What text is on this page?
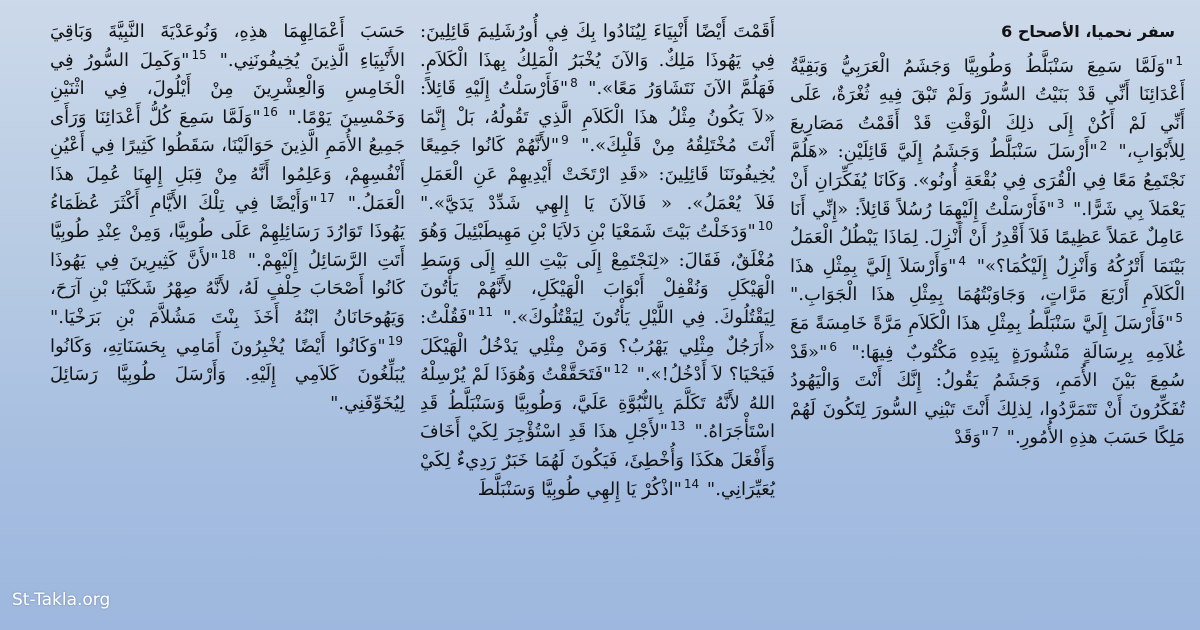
سفر نحميا، الأصحاح 6
$^1$"وَلَمَّا سَمِعَ سَنْبَلَّطُ وَطُوبِيَّا وَجَشَمُ الْعَرَبِيُّ وَبَقِيَّةُ أَعْدَائِنَا أَنِّي قَدْ بَنَيْتُ السُّورَ وَلَمْ تَبْقَ فِيهِ ثُغْرَةٌ، عَلَى أَنِّي لَمْ أَكُنْ إِلَى ذلِكَ الْوَقْتِ قَدْ أَقَمْتُ مَصَارِيعَ لِلأَبْوَابِ،" $^2$"أَرْسَلَ سَنْبَلَّطُ وَجَشَمُ إِلَيَّ قَائِلَيْنِ: «هَلُمَّ نَجْتَمِعُ مَعًا فِي الْقُرَى فِي بُقْعَةِ أُونُو». وَكَانَا يُفَكِّرَانِ أَنْ يَعْمَلاَ بِي شَرًّا." $^3$"فَأَرْسَلْتُ إِلَيْهِمَا رُسُلاً قَائِلاً: «إِنِّي أَنَا عَامِلٌ عَمَلاً عَظِيمًا فَلاَ أَقْدِرُ أَنْ أَنْزِلَ. لِمَاذَا يَبْطُلُ الْعَمَلُ بَيْنَمَا أَتْرُكُهُ وَأَنْزِلُ إِلَيْكُمَا؟»" $^4$"وَأَرْسَلاَ إِلَيَّ بِمِثْلِ هذَا الْكَلاَمِ أَرْبَعَ مَرَّاتٍ، وَجَاوَبْتُهُمَا بِمِثْلِ هذَا الْجَوَابِ." $^5$"فَأَرْسَلَ إِلَيَّ سَنْبَلَّطُ بِمِثْلِ هذَا الْكَلاَمِ مَرَّةً خَامِسَةً مَعَ غُلاَمِهِ بِرِسَالَةٍ مَنْشُورَةٍ بِيَدِهِ مَكْتُوبٌ فِيهَا:" $^6$"«قَدْ سُمِعَ بَيْنَ الأُمَمِ، وَجَشَمُ يَقُولُ: إِنَّكَ أَنْتَ وَالْيَهُودُ تُفَكِّرُونَ أَنْ تَتَمَرَّدُوا، لِذلِكَ أَنْتَ تَبْنِي السُّورَ لِتَكُونَ لَهُمْ مَلِكًا حَسَبَ هذِهِ الأُمُورِ." $^7$"وَقَدْ
أَقَمْتَ أَيْضًا أَنْبِيَاءَ لِيُنَادُوا بِكَ فِي أُورُشَلِيمَ قَائِلِينَ: فِي يَهُوذَا مَلِكٌ. وَالآنَ يُخْبَرُ الْمَلِكُ بِهذَا الْكَلاَمِ. فَهَلُمَّ الآنَ نَتَشَاوَرُ مَعًا»." $^8$"فَأَرْسَلْتُ إِلَيْهِ قَائِلاً: «لاَ يَكُونُ مِثْلُ هذَا الْكَلاَمِ الَّذِي تَقُولُهُ، بَلْ إِنَّمَا أَنْتَ مُخْتَلِقُهُ مِنْ قَلْبِكَ»." $^9$"لأَنَّهُمْ كَانُوا جَمِيعًا يُخِيفُونَنَا قَائِلِينَ: «قَدِ ارْتَخَتْ أَيْدِيهِمْ عَنِ الْعَمَلِ فَلاَ يُعْمَلُ». « فَالآنَ يَا إِلهِي شَدِّدْ يَدَيَّ»." $^{10}$"وَدَخَلْتُ بَيْتَ شَمَعْيَا بْنِ دَلاَيَا بْنِ مَهِيطَبْئِيلَ وَهُوَ مُغْلَقٌ، فَقَالَ: «لِنَجْتَمِعْ إِلَى بَيْتِ اللهِ إِلَى وَسَطِ الْهَيْكَلِ وَنُقْفِلْ أَبْوَابَ الْهَيْكَلِ، لأَنَّهُمْ يَأْتُونَ لِيَقْتُلُوكَ. فِي اللَّيْلِ يَأْتُونَ لِيَقْتُلُوكَ»." $^{11}$"فَقُلْتُ: «أَرَجُلٌ مِثْلِي يَهْرُبُ؟ وَمَنْ مِثْلِي يَدْخُلُ الْهَيْكَلَ فَيَحْيَا؟ لاَ أَدْخُلُ!»." $^{12}$"فَتَحَقَّقْتُ وَهُوَذَا لَمْ يُرْسِلْهُ اللهُ لأَنَّهُ تَكَلَّمَ بِالنُّبُوَّةِ عَلَيَّ، وَطُوبِيَّا وَسَنْبَلَّطُ قَدِ اسْتَأْجَرَاهُ." $^{13}$"لأَجْلِ هذَا قَدِ اسْتُؤْجِرَ لِكَيْ أَخَافَ وَأَفْعَلَ هكَذَا وَأُخْطِئَ، فَيَكُونَ لَهُمَا خَبَرٌ رَدِيءٌ لِكَيْ يُعَيِّرَانِي." $^{14}$"اذْكُرْ يَا إِلهِي طُوبِيَّا وَسَنْبَلَّطَ
حَسَبَ أَعْمَالِهِمَا هذِهِ، وَنُوعَدْيَةَ النَّبِيَّةَ وَبَاقِيَ الأَنْبِيَاءِ الَّذِينَ يُخِيفُونَنِي." $^{15}$"وَكَمِلَ السُّورُ فِي الْخَامِسِ وَالْعِشْرِينَ مِنْ أَيْلُولَ، فِي اثْنَيْنِ وَخَمْسِينَ يَوْمًا." $^{16}$"وَلَمَّا سَمِعَ كُلُّ أَعْدَائِنَا وَرَأَى جَمِيعُ الأُمَمِ الَّذِينَ حَوَالَيْنَا، سَقَطُوا كَثِيرًا فِي أَعْيُنِ أَنْفُسِهِمْ، وَعَلِمُوا أَنَّهُ مِنْ قِبَلِ إِلهِنَا عُمِلَ هذَا الْعَمَلُ." $^{17}$"وَأَيْضًا فِي تِلْكَ الأَيَّامِ أَكْثَرَ عُظَمَاءُ يَهُوذَا تَوَارُدَ رَسَائِلِهِمْ عَلَى طُوبِيَّا، وَمِنْ عِنْدِ طُوبِيَّا أَتَتِ الرَّسَائِلُ إِلَيْهِمْ." $^{18}$"لأَنَّ كَثِيرِينَ فِي يَهُوذَا كَانُوا أَصْحَابَ حِلْفٍ لَهُ، لأَنَّهُ صِهْرُ شَكَنْيَا بْنِ آرَحَ، وَيَهُوحَانَانُ ابْنُهُ أَخَذَ بِنْتَ مَشُلاَّمَ بْنِ بَرَخْيَا." $^{19}$"وَكَانُوا أَيْضًا يُخْبِرُونَ أَمَامِي بِحَسَنَاتِهِ، وَكَانُوا يُبَلِّغُونَ كَلاَمِي إِلَيْهِ. وَأَرْسَلَ طُوبِيَّا رَسَائِلَ لِيُخَوِّفَنِي."
St-Takla.org
